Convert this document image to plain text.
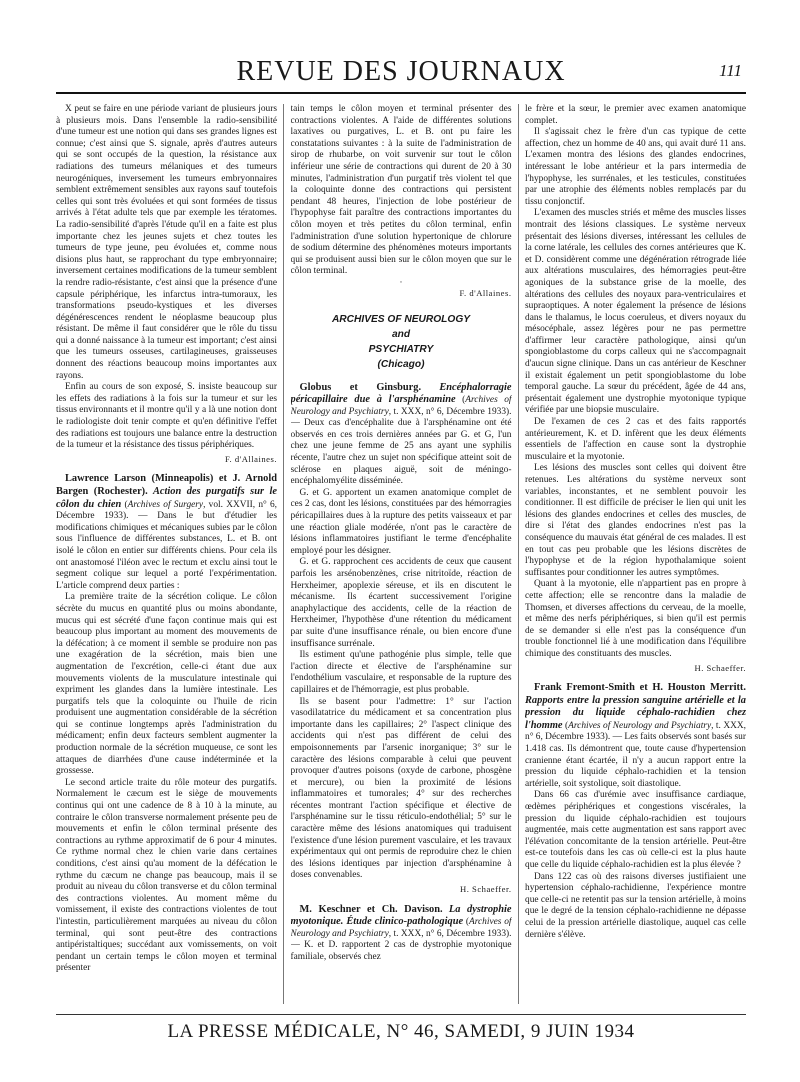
REVUE DES JOURNAUX	111

X peut se faire en une période variant de plusieurs jours à plusieurs mois. Dans l'ensemble la radio-sensibilité d'une tumeur est une notion qui dans ses grandes lignes est connue; c'est ainsi que S. signale, après d'autres auteurs qui se sont occupés de la question, la résistance aux radiations des tumeurs mélaniques et des tumeurs neurogéniques, inversement les tumeurs embryonnaires semblent extrêmement sensibles aux rayons sauf toutefois celles qui sont très évoluées et qui sont formées de tissus arrivés à l'état adulte tels que par exemple les tératomes. La radio-sensibilité d'après l'étude qu'il en a faite est plus importante chez les jeunes sujets et chez toutes les tumeurs de type jeune, peu évoluées et, comme nous disions plus haut, se rapprochant du type embryonnaire; inversement certaines modifications de la tumeur semblent la rendre radio-résistante, c'est ainsi que la présence d'une capsule périphérique, les infarctus intra-tumoraux, les transformations pseudo-kystiques et les diverses dégénérescences rendent le néoplasme beaucoup plus résistant. De même il faut considérer que le rôle du tissu qui a donné naissance à la tumeur est important; c'est ainsi que les tumeurs osseuses, cartilagineuses, graisseuses donnent des réactions beaucoup moins importantes aux rayons.

Enfin au cours de son exposé, S. insiste beaucoup sur les effets des radiations à la fois sur la tumeur et sur les tissus environnants et il montre qu'il y a là une notion dont le radiologiste doit tenir compte et qu'en définitive l'effet des radiations est toujours une balance entre la destruction de la tumeur et la résistance des tissus périphériques.

F. d'Allaines.

Lawrence Larson (Minneapolis) et J. Arnold Bargen (Rochester). Action des purgatifs sur le côlon du chien (Archives of Surgery, vol. XXVII, n° 6, Décembre 1933). — Dans le but d'étudier les modifications chimiques et mécaniques subies par le côlon sous l'influence de différentes substances, L. et B. ont isolé le côlon en entier sur différents chiens. Pour cela ils ont anastomosé l'iléon avec le rectum et exclu ainsi tout le segment colique sur lequel a porté l'expérimentation. L'article comprend deux parties :

La première traite de la sécrétion colique. Le côlon sécrète du mucus en quantité plus ou moins abondante, mucus qui est sécrété d'une façon continue mais qui est beaucoup plus important au moment des mouvements de la défécation; à ce moment il semble se produire non pas une exagération de la sécrétion, mais bien une augmentation de l'excrétion, celle-ci étant due aux mouvements violents de la musculature intestinale qui expriment les glandes dans la lumière intestinale. Les purgatifs tels que la coloquinte ou l'huile de ricin produisent une augmentation considérable de la sécrétion qui se continue longtemps après l'administration du médicament; enfin deux facteurs semblent augmenter la production normale de la sécrétion muqueuse, ce sont les attaques de diarrhées d'une cause indéterminée et la grossesse.

Le second article traite du rôle moteur des purgatifs. Normalement le cæcum est le siège de mouvements continus qui ont une cadence de 8 à 10 à la minute, au contraire le côlon transverse normalement présente peu de mouvements et enfin le côlon terminal présente des contractions au rythme approximatif de 6 pour 4 minutes. Ce rythme normal chez le chien varie dans certaines conditions, c'est ainsi qu'au moment de la défécation le rythme du cæcum ne change pas beaucoup, mais il se produit au niveau du côlon transverse et du côlon terminal des contractions violentes. Au moment même du vomissement, il existe des contractions violentes de tout l'intestin, particulièrement marquées au niveau du côlon terminal, qui sont peut-être des contractions antipéristaltiques; succédant aux vomissements, on voit pendant un certain temps le côlon moyen et terminal présenter

tain temps le côlon moyen et terminal présenter des contractions violentes. A l'aide de différentes solutions laxatives ou purgatives, L. et B. ont pu faire les constatations suivantes : à la suite de l'administration de sirop de rhubarbe, on voit survenir sur tout le côlon inférieur une série de contractions qui durent de 20 à 30 minutes, l'administration d'un purgatif très violent tel que la coloquinte donne des contractions qui persistent pendant 48 heures, l'injection de lobe postérieur de l'hypophyse fait paraître des contractions importantes du côlon moyen et très petites du côlon terminal, enfin l'administration d'une solution hypertonique de chlorure de sodium détermine des phénomènes moteurs importants qui se produisent aussi bien sur le côlon moyen que sur le côlon terminal.

·

F. d'Allaines.

ARCHIVES OF NEUROLOGY
and
PSYCHIATRY
(Chicago)

Globus et Ginsburg. Encéphalorragie péricapillaire due à l'arsphénamine (Archives of Neurology and Psychiatry, t. XXX, n° 6, Décembre 1933). — Deux cas d'encéphalite due à l'arsphénamine ont été observés en ces trois dernières années par G. et G, l'un chez une jeune femme de 25 ans ayant une syphilis récente, l'autre chez un sujet non spécifique atteint soit de sclérose en plaques aiguë, soit de méningo-encéphalomyélite disséminée.

G. et G. apportent un examen anatomique complet de ces 2 cas, dont les lésions, constituées par des hémorragies péricapillaires dues à la rupture des petits vaisseaux et par une réaction gliale modérée, n'ont pas le caractère de lésions inflammatoires justifiant le terme d'encéphalite employé pour les désigner.

G. et G. rapprochent ces accidents de ceux que causent parfois les arsénobenzènes, crise nitritoïde, réaction de Herxheimer, apoplexie séreuse, et ils en discutent le mécanisme. Ils écartent successivement l'origine anaphylactique des accidents, celle de la réaction de Herxheimer, l'hypothèse d'une rétention du médicament par suite d'une insuffisance rénale, ou bien encore d'une insuffisance surrénale.

Ils estiment qu'une pathogénie plus simple, telle que l'action directe et élective de l'arsphénamine sur l'endothélium vasculaire, et responsable de la rupture des capillaires et de l'hémorragie, est plus probable.

Ils se basent pour l'admettre: 1° sur l'action vasodilatatrice du médicament et sa concentration plus importante dans les capillaires; 2° l'aspect clinique des accidents qui n'est pas différent de celui des empoisonnements par l'arsenic inorganique; 3° sur le caractère des lésions comparable à celui que peuvent provoquer d'autres poisons (oxyde de carbone, phosgène et mercure), ou bien la proximité de lésions inflammatoires et tumorales; 4° sur des recherches récentes montrant l'action spécifique et élective de l'arsphénamine sur le tissu réticulo-endothélial; 5° sur le caractère même des lésions anatomiques qui traduisent l'existence d'une lésion purement vasculaire, et les travaux expérimentaux qui ont permis de reproduire chez le chien des lésions identiques par injection d'arsphénamine à doses convenables.

H. Schaeffer.

M. Keschner et Ch. Davison. La dystrophie myotonique. Étude clinico-pathologique (Archives of Neurology and Psychiatry, t. XXX, n° 6, Décembre 1933). — K. et D. rapportent 2 cas de dystrophie myotonique familiale, observés chez

le frère et la sœur, le premier avec examen anatomique complet.

Il s'agissait chez le frère d'un cas typique de cette affection, chez un homme de 40 ans, qui avait duré 11 ans. L'examen montra des lésions des glandes endocrines, intéressant le lobe antérieur et la pars intermedia de l'hypophyse, les surrénales, et les testicules, constituées par une atrophie des éléments nobles remplacés par du tissu conjonctif.

L'examen des muscles striés et même des muscles lisses montrait des lésions classiques. Le système nerveux présentait des lésions diverses, intéressant les cellules de la corne latérale, les cellules des cornes antérieures que K. et D. considèrent comme une dégénération rétrograde liée aux altérations musculaires, des hémorragies peut-être agoniques de la substance grise de la moelle, des altérations des cellules des noyaux para-ventriculaires et supraoptiques. A noter également la présence de lésions dans le thalamus, le locus coeruleus, et divers noyaux du mésocéphale, assez légères pour ne pas permettre d'affirmer leur caractère pathologique, ainsi qu'un spongioblastome du corps calleux qui ne s'accompagnait d'aucun signe clinique. Dans un cas antérieur de Keschner il existait également un petit spongioblastome du lobe temporal gauche. La sœur du précédent, âgée de 44 ans, présentait également une dystrophie myotonique typique vérifiée par une biopsie musculaire.

De l'examen de ces 2 cas et des faits rapportés antérieurement, K. et D. infèrent que les deux éléments essentiels de l'affection en cause sont la dystrophie musculaire et la myotonie.

Les lésions des muscles sont celles qui doivent être retenues. Les altérations du système nerveux sont variables, inconstantes, et ne semblent pouvoir les conditionner. Il est difficile de préciser le lien qui unit les lésions des glandes endocrines et celles des muscles, de dire si l'état des glandes endocrines n'est pas la conséquence du mauvais état général de ces malades. Il est en tout cas peu probable que les lésions discrètes de l'hypophyse et de la région hypothalamique soient suffisantes pour conditionner les autres symptômes.

Quant à la myotonie, elle n'appartient pas en propre à cette affection; elle se rencontre dans la maladie de Thomsen, et diverses affections du cerveau, de la moelle, et même des nerfs périphériques, si bien qu'il est permis de se demander si elle n'est pas la conséquence d'un trouble fonctionnel lié à une modification dans l'équilibre chimique des constituants des muscles.

H. Schaeffer.

Frank Fremont-Smith et H. Houston Merritt. Rapports entre la pression sanguine artérielle et la pression du liquide céphalo-rachidien chez l'homme (Archives of Neurology and Psychiatry, t. XXX, n° 6, Décembre 1933). — Les faits observés sont basés sur 1.418 cas. Ils démontrent que, toute cause d'hypertension cranienne étant écartée, il n'y a aucun rapport entre la pression du liquide céphalo-rachidien et la tension artérielle, soit systolique, soit diastolique.

Dans 66 cas d'urémie avec insuffisance cardiaque, œdèmes périphériques et congestions viscérales, la pression du liquide céphalo-rachidien est toujours augmentée, mais cette augmentation est sans rapport avec l'élévation concomitante de la tension artérielle. Peut-être est-ce toutefois dans les cas où celle-ci est la plus haute que celle du liquide céphalo-rachidien est la plus élevée ?

Dans 122 cas où des raisons diverses justifiaient une hypertension céphalo-rachidienne, l'expérience montre que celle-ci ne retentit pas sur la tension artérielle, à moins que le degré de la tension céphalo-rachidienne ne dépasse celui de la pression artérielle diastolique, auquel cas celle dernière s'élève.

LA PRESSE MÉDICALE, N° 46, SAMEDI, 9 JUIN 1934
